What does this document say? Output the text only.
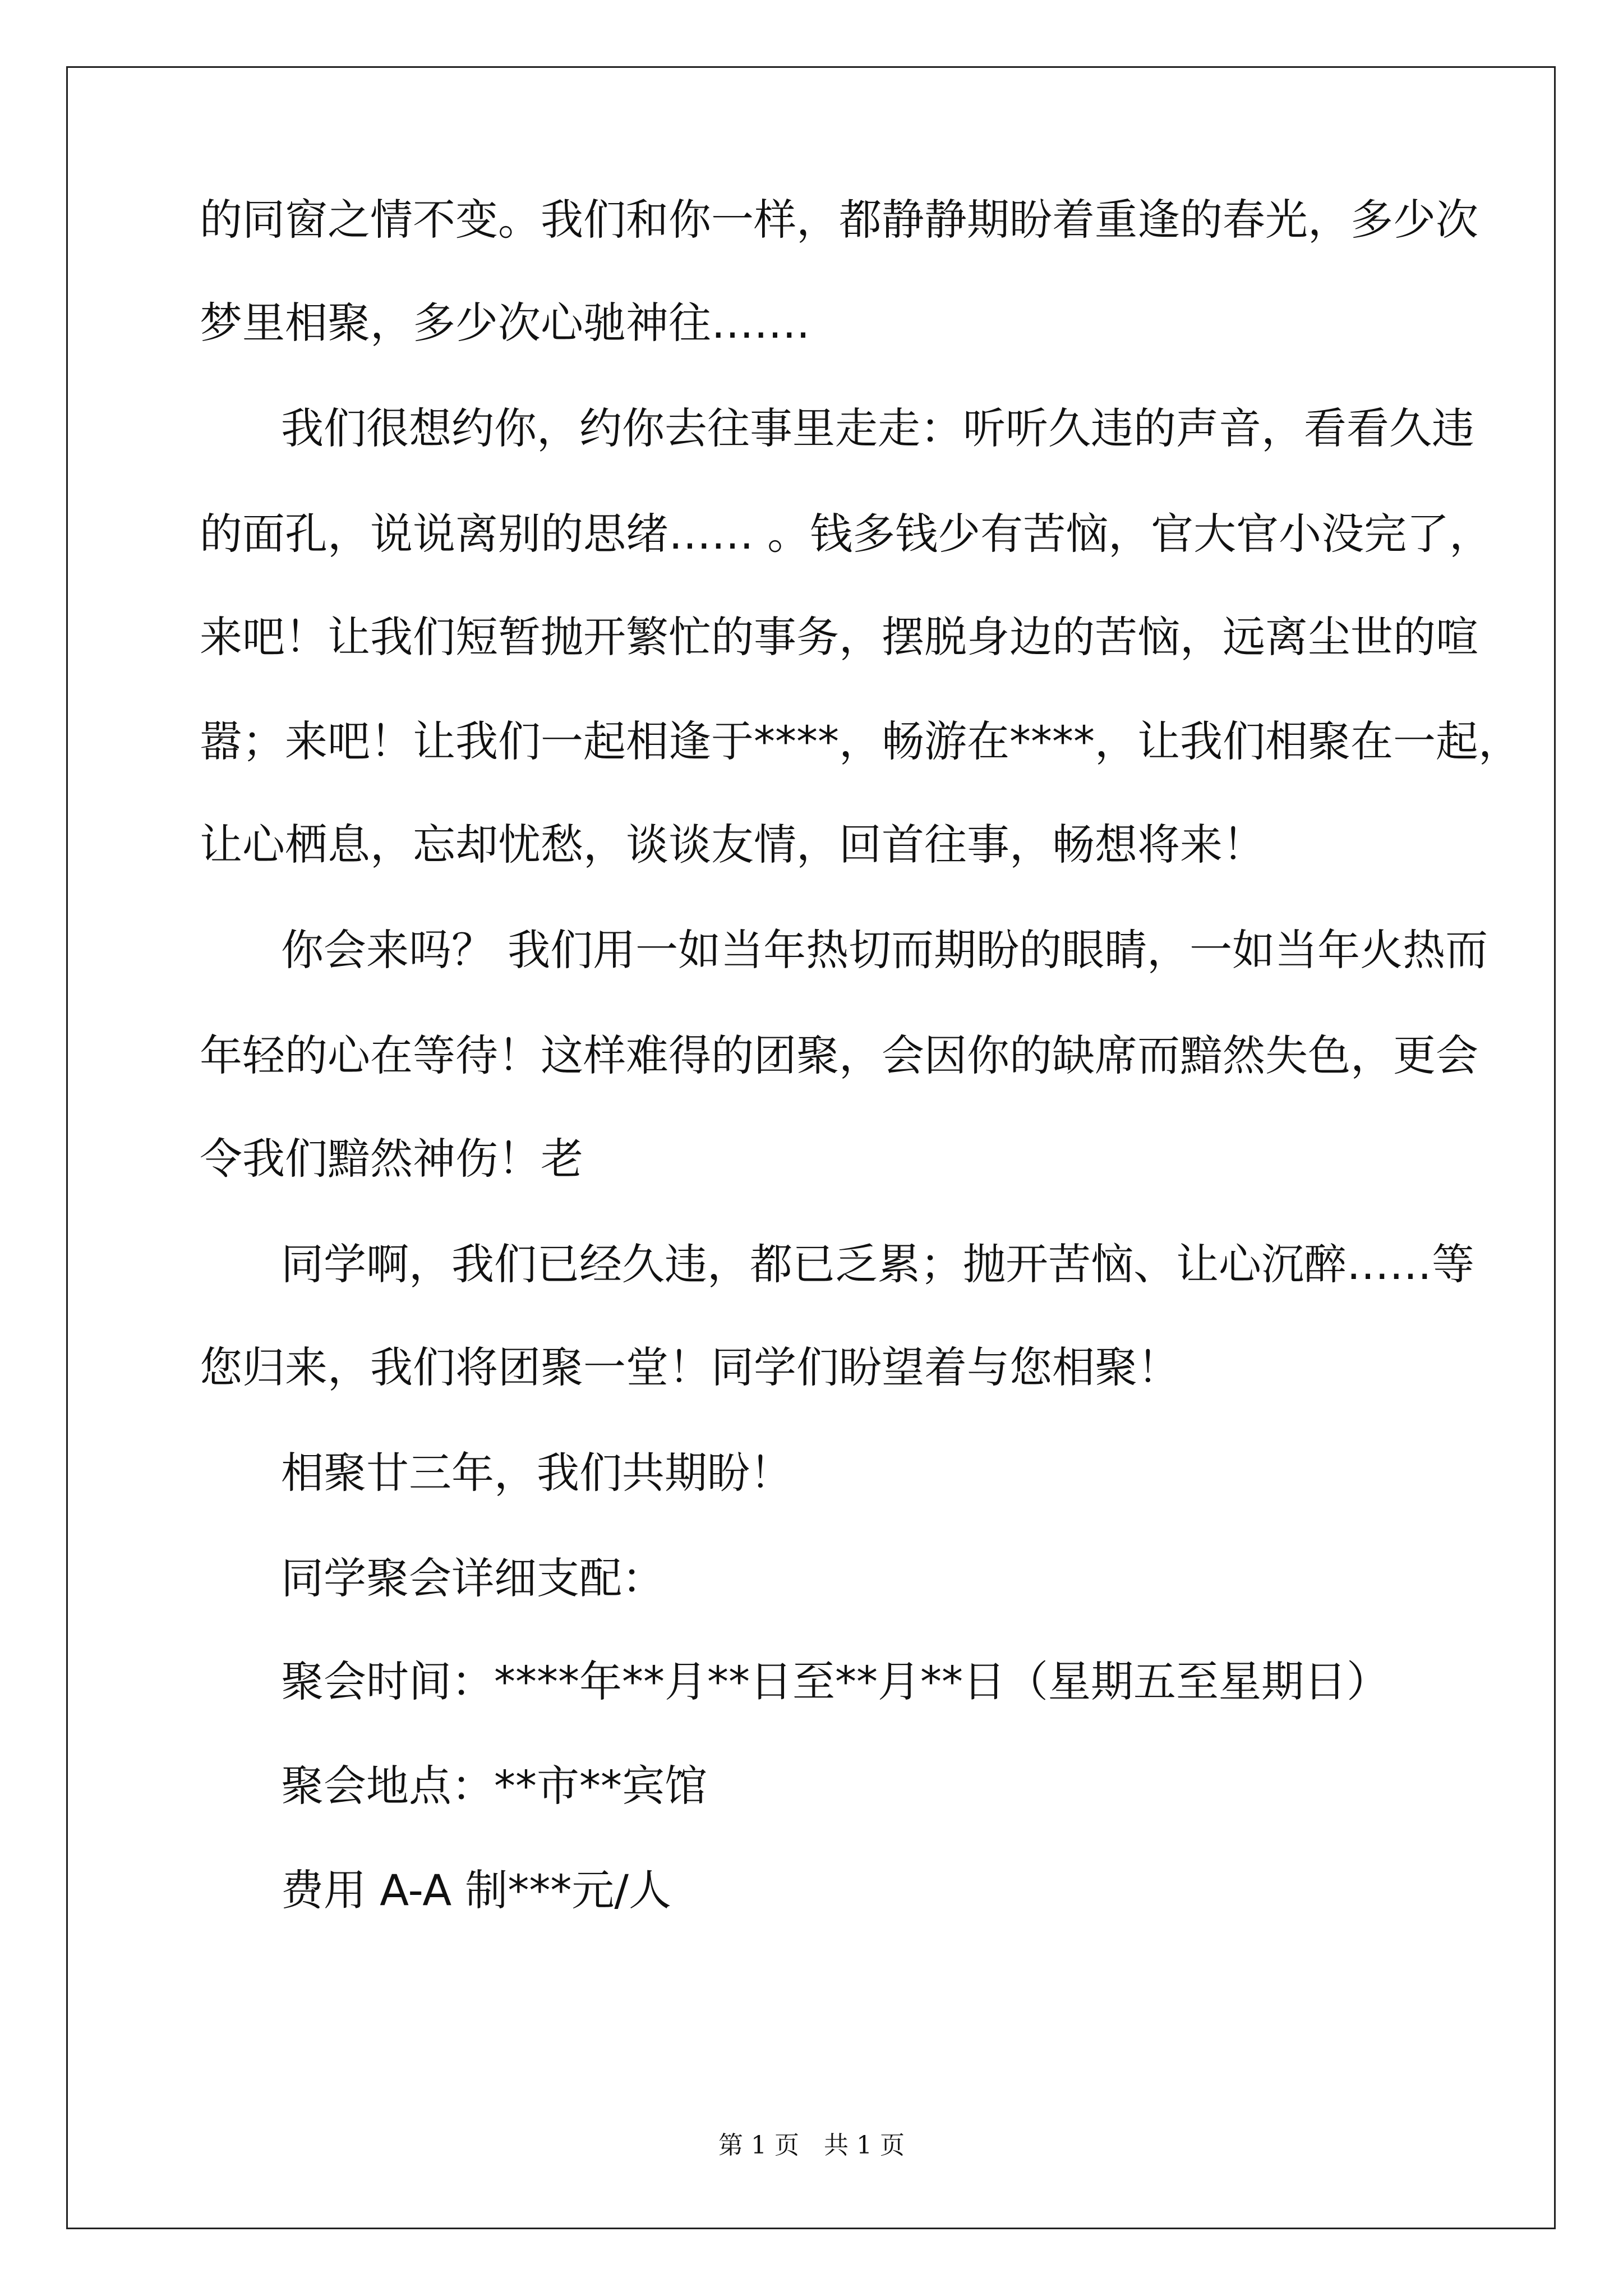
的同窗之情不变。我们和你一样，都静静期盼着重逢的春光，多少次
梦里相聚，多少次心驰神往…….
我们很想约你，约你去往事里走走：听听久违的声音，看看久违
的面孔，说说离别的思绪…… 。钱多钱少有苦恼，官大官小没完了，
来吧！让我们短暂抛开繁忙的事务，摆脱身边的苦恼，远离尘世的喧
嚣；来吧！让我们一起相逢于****，畅游在****，让我们相聚在一起，
让心栖息，忘却忧愁，谈谈友情，回首往事，畅想将来！
你会来吗？ 我们用一如当年热切而期盼的眼睛，一如当年火热而
年轻的心在等待！这样难得的团聚，会因你的缺席而黯然失色，更会
令我们黯然神伤！老
同学啊，我们已经久违，都已乏累；抛开苦恼、让心沉醉……等
您归来，我们将团聚一堂！同学们盼望着与您相聚！
相聚廿三年，我们共期盼！
同学聚会详细支配：
聚会时间：****年**月**日至**月**日（星期五至星期日）
聚会地点：**市**宾馆
费用 A-A 制***元/人
第 1 页　共 1 页
